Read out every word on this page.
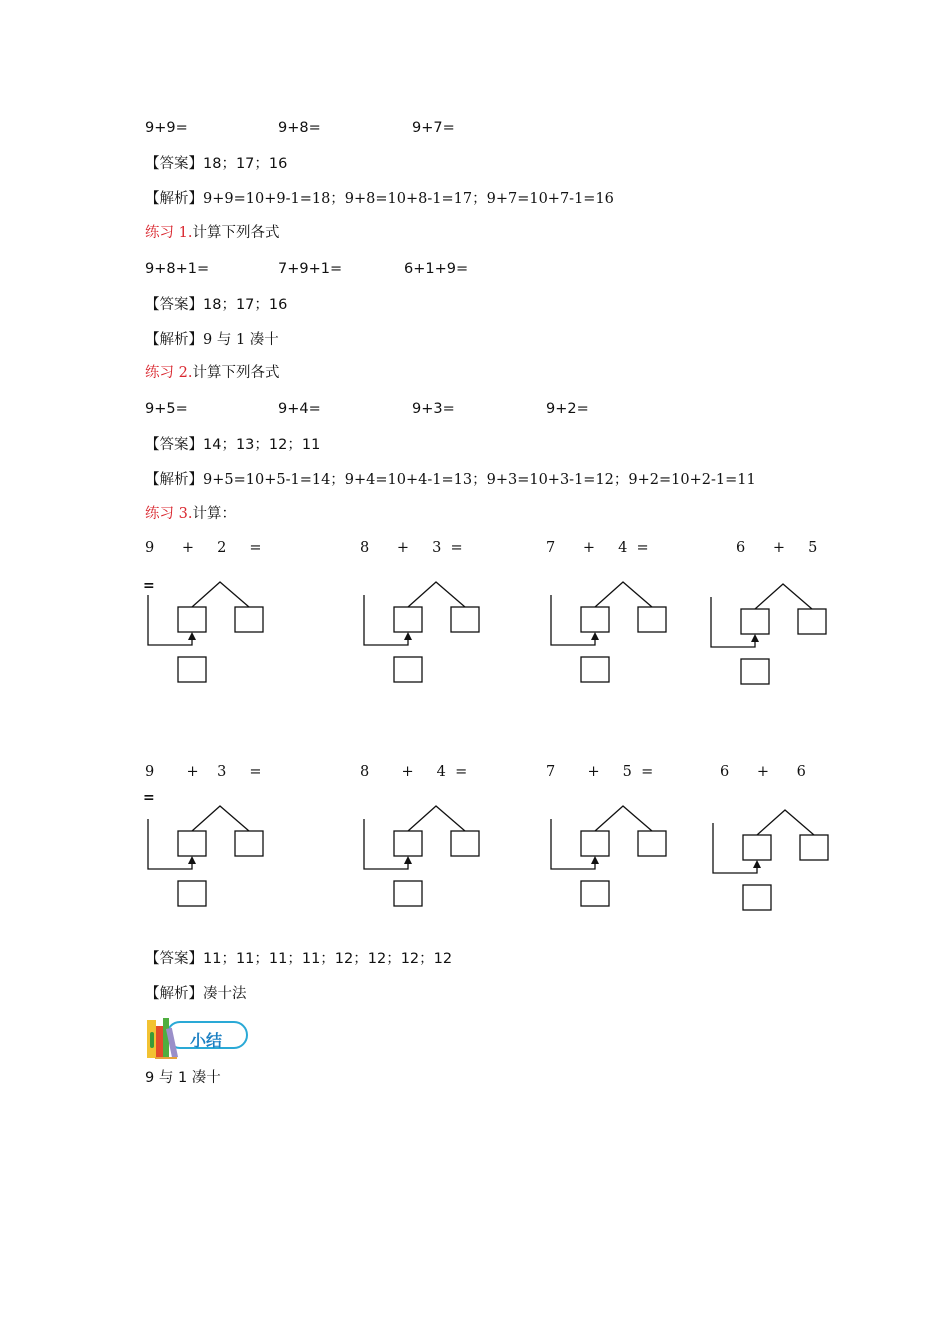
9+9=	9+8=	9+7=
【答案】18；17；16
【解析】9+9=10+9-1=18；9+8=10+8-1=17；9+7=10+7-1=16
练习 1.计算下列各式
9+8+1=	7+9+1=	6+1+9=
【答案】18；17；16
【解析】9 与 1 凑十
练习 2.计算下列各式
9+5=	9+4=	9+3=	9+2=
【答案】14；13；12；11
【解析】9+5=10+5-1=14；9+4=10+4-1=13；9+3=10+3-1=12；9+2=10+2-1=11
练习 3.计算：
9      +     2     =	8      +     3  =	7      +     4  =	6      +     5
=
9       +    3     =	8       +     4  =	7       +     5  =	6      +      6
=
【答案】11；11；11；11；12；12；12；12
【解析】凑十法
小结
9 与 1 凑十
